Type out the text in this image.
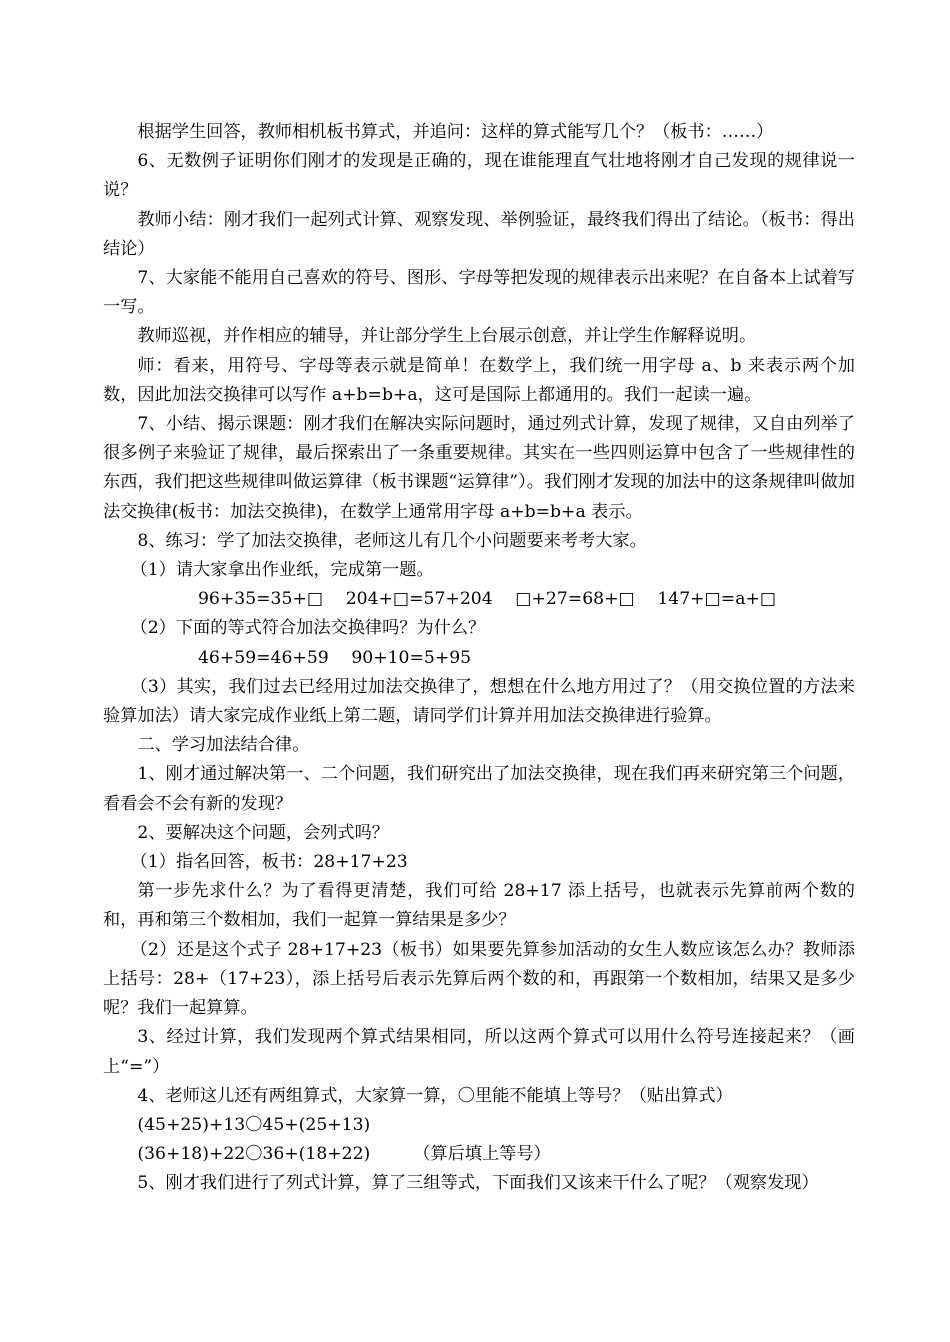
根据学生回答，教师相机板书算式，并追问：这样的算式能写几个？（板书：……）

6、无数例子证明你们刚才的发现是正确的，现在谁能理直气壮地将刚才自己发现的规律说一说？

教师小结：刚才我们一起列式计算、观察发现、举例验证，最终我们得出了结论。（板书：得出结论）

7、大家能不能用自己喜欢的符号、图形、字母等把发现的规律表示出来呢？在自备本上试着写一写。

教师巡视，并作相应的辅导，并让部分学生上台展示创意，并让学生作解释说明。

师：看来，用符号、字母等表示就是简单！在数学上，我们统一用字母 a、b 来表示两个加数，因此加法交换律可以写作 a+b=b+a，这可是国际上都通用的。我们一起读一遍。

7、小结、揭示课题：刚才我们在解决实际问题时，通过列式计算，发现了规律，又自由列举了很多例子来验证了规律，最后探索出了一条重要规律。其实在一些四则运算中包含了一些规律性的东西，我们把这些规律叫做运算律（板书课题“运算律”）。我们刚才发现的加法中的这条规律叫做加法交换律(板书：加法交换律)，在数学上通常用字母 a+b=b+a 表示。

8、练习：学了加法交换律，老师这儿有几个小问题要来考考大家。

（1）请大家拿出作业纸，完成第一题。

96+35=35+□　 204+□=57+204　 □+27=68+□　 147+□=a+□

（2）下面的等式符合加法交换律吗？为什么？

46+59=46+59　 90+10=5+95

（3）其实，我们过去已经用过加法交换律了，想想在什么地方用过了？（用交换位置的方法来验算加法）请大家完成作业纸上第二题，请同学们计算并用加法交换律进行验算。

二、学习加法结合律。

1、刚才通过解决第一、二个问题，我们研究出了加法交换律，现在我们再来研究第三个问题，看看会不会有新的发现？

2、要解决这个问题，会列式吗？

（1）指名回答，板书：28+17+23

第一步先求什么？为了看得更清楚，我们可给 28+17 添上括号，也就表示先算前两个数的和，再和第三个数相加，我们一起算一算结果是多少？

（2）还是这个式子 28+17+23（板书）如果要先算参加活动的女生人数应该怎么办？教师添上括号：28+（17+23），添上括号后表示先算后两个数的和，再跟第一个数相加，结果又是多少呢？我们一起算算。

3、经过计算，我们发现两个算式结果相同，所以这两个算式可以用什么符号连接起来？（画上“=”）

4、老师这儿还有两组算式，大家算一算，〇里能不能填上等号？（贴出算式）

(45+25)+13〇45+(25+13)

(36+18)+22〇36+(18+22)　　　（算后填上等号）

5、刚才我们进行了列式计算，算了三组等式，下面我们又该来干什么了呢？（观察发现）
